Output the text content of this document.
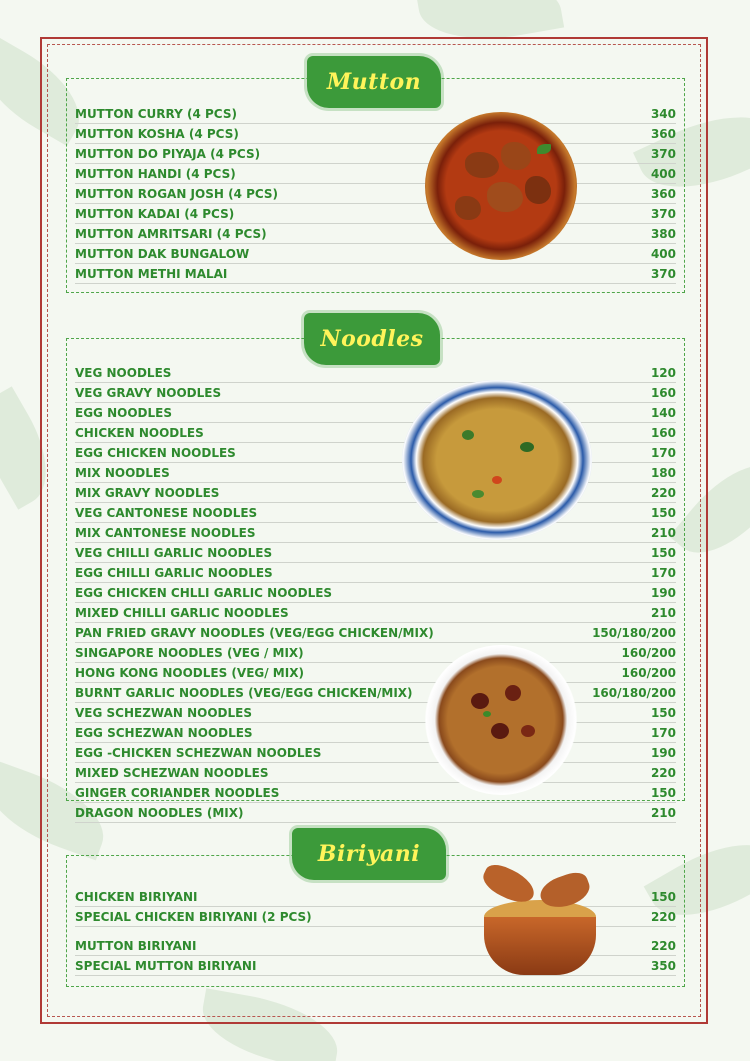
Mutton
MUTTON CURRY (4 PCS)	340
MUTTON KOSHA (4 PCS)	360
MUTTON DO PIYAJA (4 PCS)	370
MUTTON HANDI (4 PCS)	400
MUTTON ROGAN JOSH (4 PCS)	360
MUTTON KADAI (4 PCS)	370
MUTTON AMRITSARI (4 PCS)	380
MUTTON DAK BUNGALOW	400
MUTTON METHI MALAI	370
Noodles
VEG NOODLES	120
VEG GRAVY NOODLES	160
EGG NOODLES	140
CHICKEN NOODLES	160
EGG CHICKEN NOODLES	170
MIX NOODLES	180
MIX GRAVY NOODLES	220
VEG CANTONESE NOODLES	150
MIX CANTONESE NOODLES	210
VEG CHILLI GARLIC NOODLES	150
EGG CHILLI GARLIC NOODLES	170
EGG CHICKEN CHLLI GARLIC NOODLES	190
MIXED CHILLI GARLIC NOODLES	210
PAN FRIED GRAVY NOODLES (VEG/EGG CHICKEN/MIX)	150/180/200
SINGAPORE NOODLES (VEG / MIX)	160/200
HONG KONG NOODLES (VEG/ MIX)	160/200
BURNT GARLIC NOODLES (VEG/EGG CHICKEN/MIX)	160/180/200
VEG SCHEZWAN NOODLES	150
EGG SCHEZWAN NOODLES	170
EGG -CHICKEN SCHEZWAN NOODLES	190
MIXED SCHEZWAN NOODLES	220
GINGER CORIANDER NOODLES	150
DRAGON NOODLES (MIX)	210
Biriyani
CHICKEN BIRIYANI	150
SPECIAL CHICKEN BIRIYANI (2 PCS)	220
MUTTON BIRIYANI	220
SPECIAL MUTTON BIRIYANI	350
